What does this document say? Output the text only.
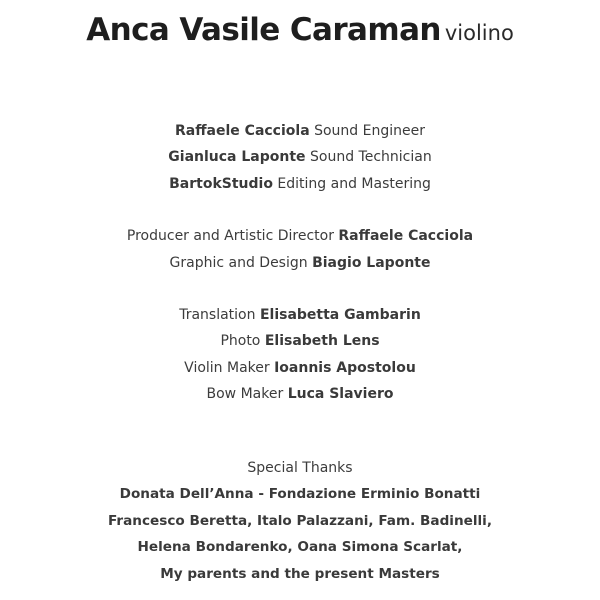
Anca Vasile Caraman violino
Raffaele Cacciola Sound Engineer
Gianluca Laponte Sound Technician
BartokStudio Editing and Mastering
Producer and Artistic Director Raffaele Cacciola
Graphic and Design Biagio Laponte
Translation Elisabetta Gambarin
Photo Elisabeth Lens
Violin Maker Ioannis Apostolou
Bow Maker Luca Slaviero
Special Thanks
Donata Dell’Anna - Fondazione Erminio Bonatti
Francesco Beretta, Italo Palazzani, Fam. Badinelli,
Helena Bondarenko, Oana Simona Scarlat,
My parents and the present Masters
